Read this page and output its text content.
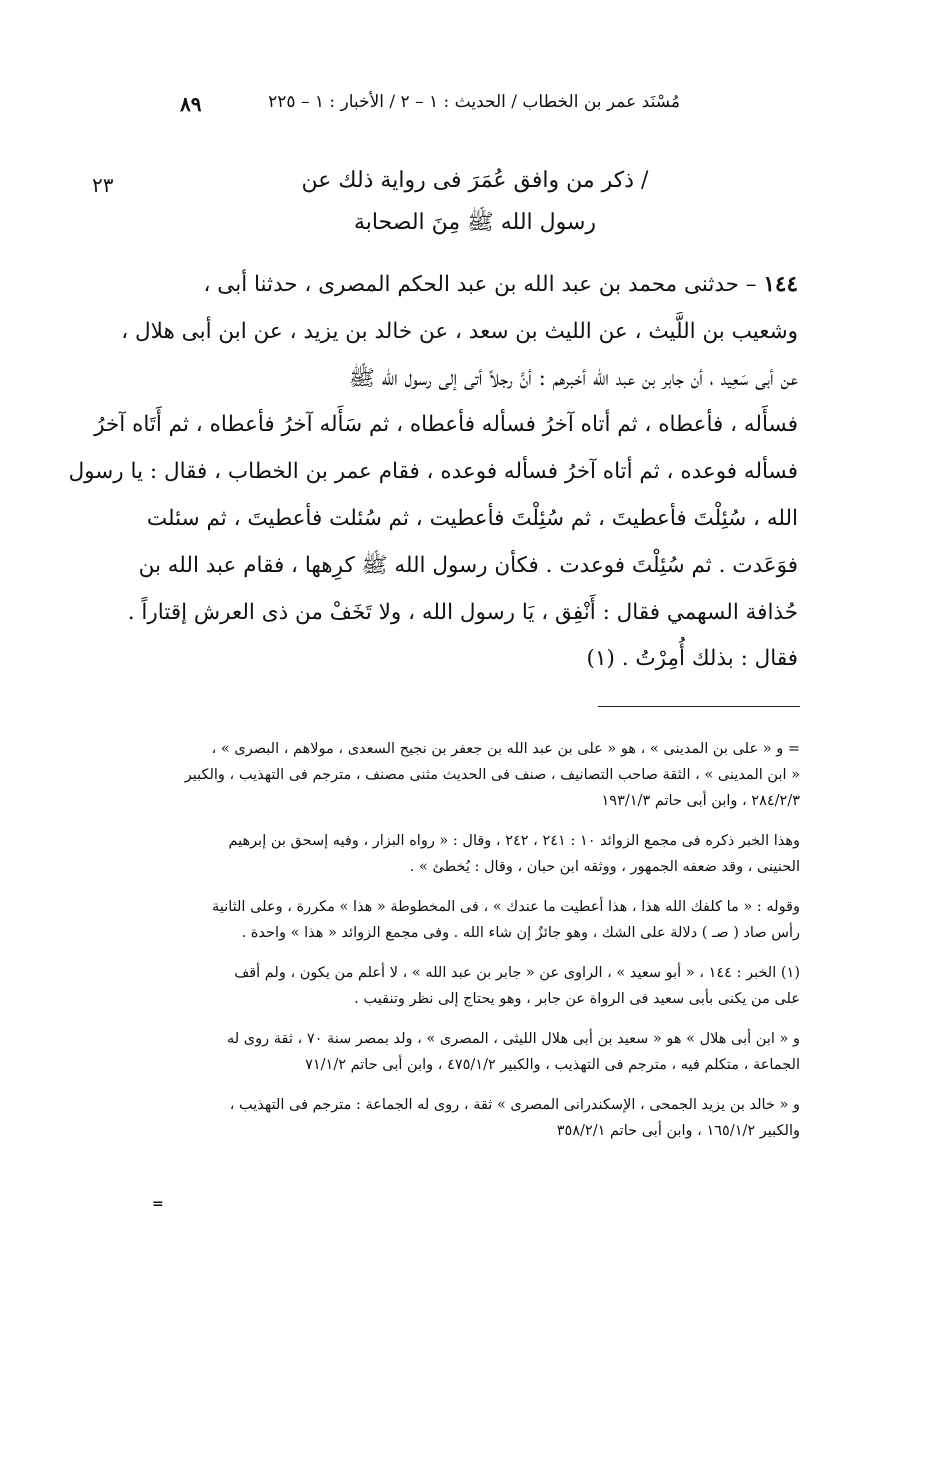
مُسْنَد عمر بن الخطاب / الحديث : ١ – ٢ / الأخبار : ١ – ٢٢٥
٨٩
٢٣	/ ذكر من وافق عُمَرَ فى رواية ذلك عن
رسول الله ﷺ مِنَ الصحابة
١٤٤ – حدثنى محمد بن عبد الله بن عبد الحكم المصرى ، حدثنا أبى ،
وشعيب بن اللَّيث ، عن الليث بن سعد ، عن خالد بن يزيد ، عن ابن أبى هلال ،
عن أبى سَعِيد ، أن جابر بن عبد الله أخبرهم : أنَّ رجلاً أتى إلى رسول الله ﷺ
فسأَله ، فأعطاه ، ثم أتاه آخرُ فسأله فأعطاه ، ثم سَأَله آخرُ فأعطاه ، ثم أَتَاه آخرُ
فسأله فوعده ، ثم أتاه آخرُ فسأله فوعده ، فقام عمر بن الخطاب ، فقال : يا رسول
الله ، سُئِلْتَ فأعطيتَ ، ثم سُئِلْتَ فأعطيت ، ثم سُئلت فأعطيتَ ، ثم سئلت
فوَعَدت . ثم سُئِلْتَ فوعدت . فكأن رسول الله ﷺ كرِهها ، فقام عبد الله بن
حُذافة السهمي فقال : أَنْفِق ، يَا رسول الله ، ولا تَخَفْ من ذى العرش إقتاراً .
فقال : بذلك أُمِرْتُ . (١)
= و « على بن المدينى » ، هو « على بن عبد الله بن جعفر بن نجيح السعدى ، مولاهم ، البصرى » ،
« ابن المدينى » ، الثقة صاحب التصانيف ، صنف فى الحديث مثنى مصنف ، مترجم فى التهذيب ، والكبير
٢٨٤/٢/٣ ، وابن أبى حاتم ١٩٣/١/٣
وهذا الخبر ذكره فى مجمع الزوائد ١٠ : ٢٤١ ، ٢٤٢ ، وقال : « رواه البزار ، وفيه إسحق بن إبرهيم
الحنينى ، وقد ضعفه الجمهور ، ووثقه ابن حبان ، وقال : يُخطئ » .
وقوله : « ما كلفك الله هذا ، هذا أعطيت ما عندك » ، فى المخطوطة « هذا » مكررة ، وعلى الثانية
رأس صاد ( صـ ) دلالة على الشك ، وهو جائزٌ إن شاء الله . وفى مجمع الزوائد « هذا » واحدة .
(١) الخبر : ١٤٤ ، « أبو سعيد » ، الراوى عن « جابر بن عبد الله » ، لا أعلم من يكون ، ولم أقف
على من يكنى بأبى سعيد فى الرواة عن جابر ، وهو يحتاج إلى نظر وتنقيب .
و « ابن أبى هلال » هو « سعيد بن أبى هلال الليثى ، المصرى » ، ولد بمصر سنة ٧٠ ، ثقة روى له
الجماعة ، متكلم فيه ، مترجم فى التهذيب ، والكبير ٤٧٥/١/٢ ، وابن أبى حاتم ٧١/١/٢
و « خالد بن يزيد الجمحى ، الإسكندرانى المصرى » ثقة ، روى له الجماعة : مترجم فى التهذيب ،
والكبير ١٦٥/١/٢ ، وابن أبى حاتم ٣٥٨/٢/١
=
